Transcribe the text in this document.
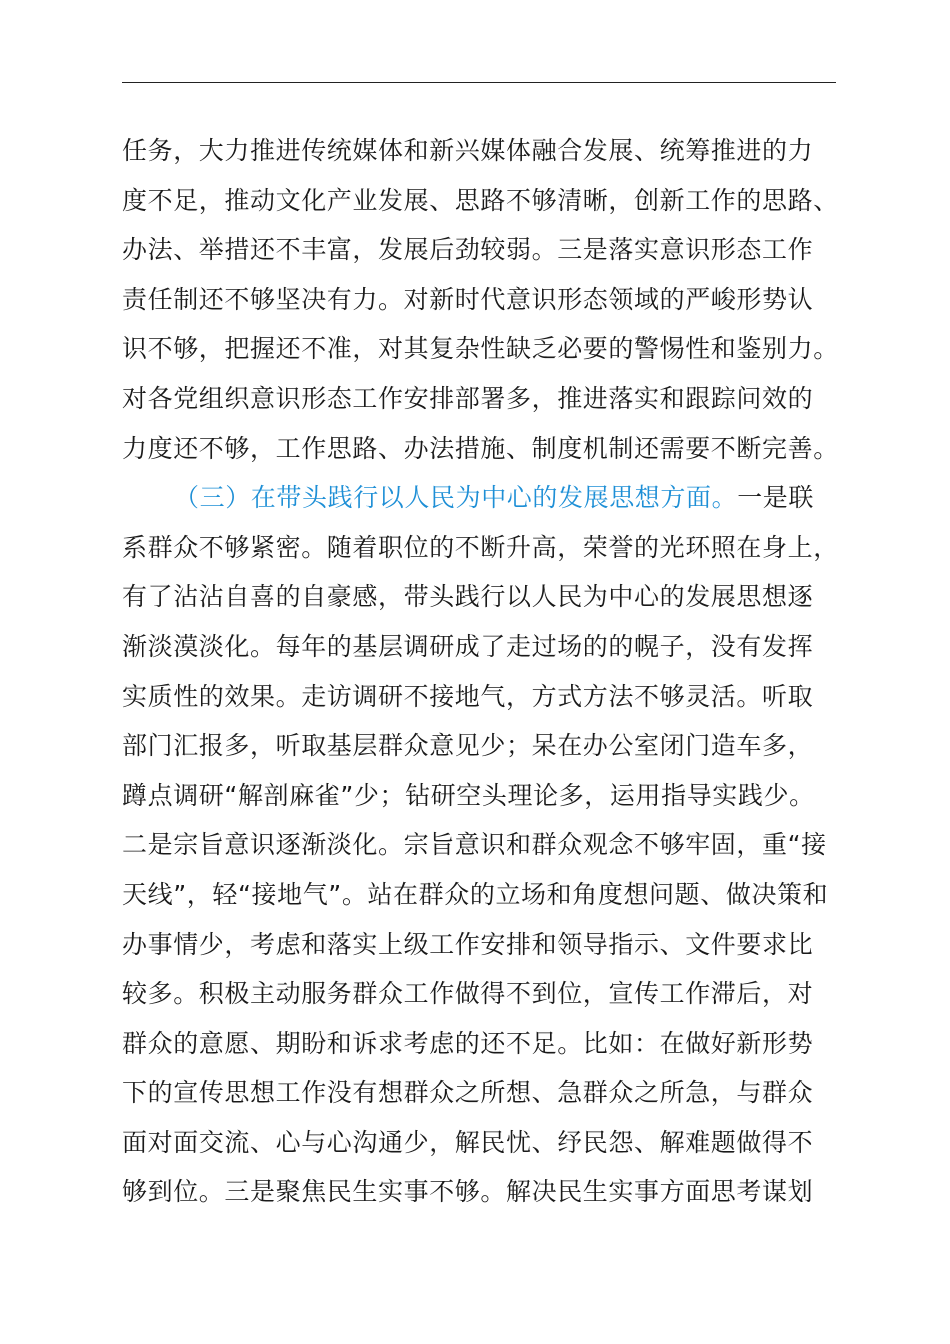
任务，大力推进传统媒体和新兴媒体融合发展、统筹推进的力
度不足，推动文化产业发展、思路不够清晰，创新工作的思路、
办法、举措还不丰富，发展后劲较弱。三是落实意识形态工作
责任制还不够坚决有力。对新时代意识形态领域的严峻形势认
识不够，把握还不准，对其复杂性缺乏必要的警惕性和鉴别力。
对各党组织意识形态工作安排部署多，推进落实和跟踪问效的
力度还不够，工作思路、办法措施、制度机制还需要不断完善。
（三）在带头践行以人民为中心的发展思想方面。一是联
系群众不够紧密。随着职位的不断升高，荣誉的光环照在身上，
有了沾沾自喜的自豪感，带头践行以人民为中心的发展思想逐
渐淡漠淡化。每年的基层调研成了走过场的的幌子，没有发挥
实质性的效果。走访调研不接地气，方式方法不够灵活。听取
部门汇报多，听取基层群众意见少；呆在办公室闭门造车多，
蹲点调研“解剖麻雀”少；钻研空头理论多，运用指导实践少。
二是宗旨意识逐渐淡化。宗旨意识和群众观念不够牢固，重“接
天线”，轻“接地气”。站在群众的立场和角度想问题、做决策和
办事情少，考虑和落实上级工作安排和领导指示、文件要求比
较多。积极主动服务群众工作做得不到位，宣传工作滞后，对
群众的意愿、期盼和诉求考虑的还不足。比如：在做好新形势
下的宣传思想工作没有想群众之所想、急群众之所急，与群众
面对面交流、心与心沟通少，解民忧、纾民怨、解难题做得不
够到位。三是聚焦民生实事不够。解决民生实事方面思考谋划
